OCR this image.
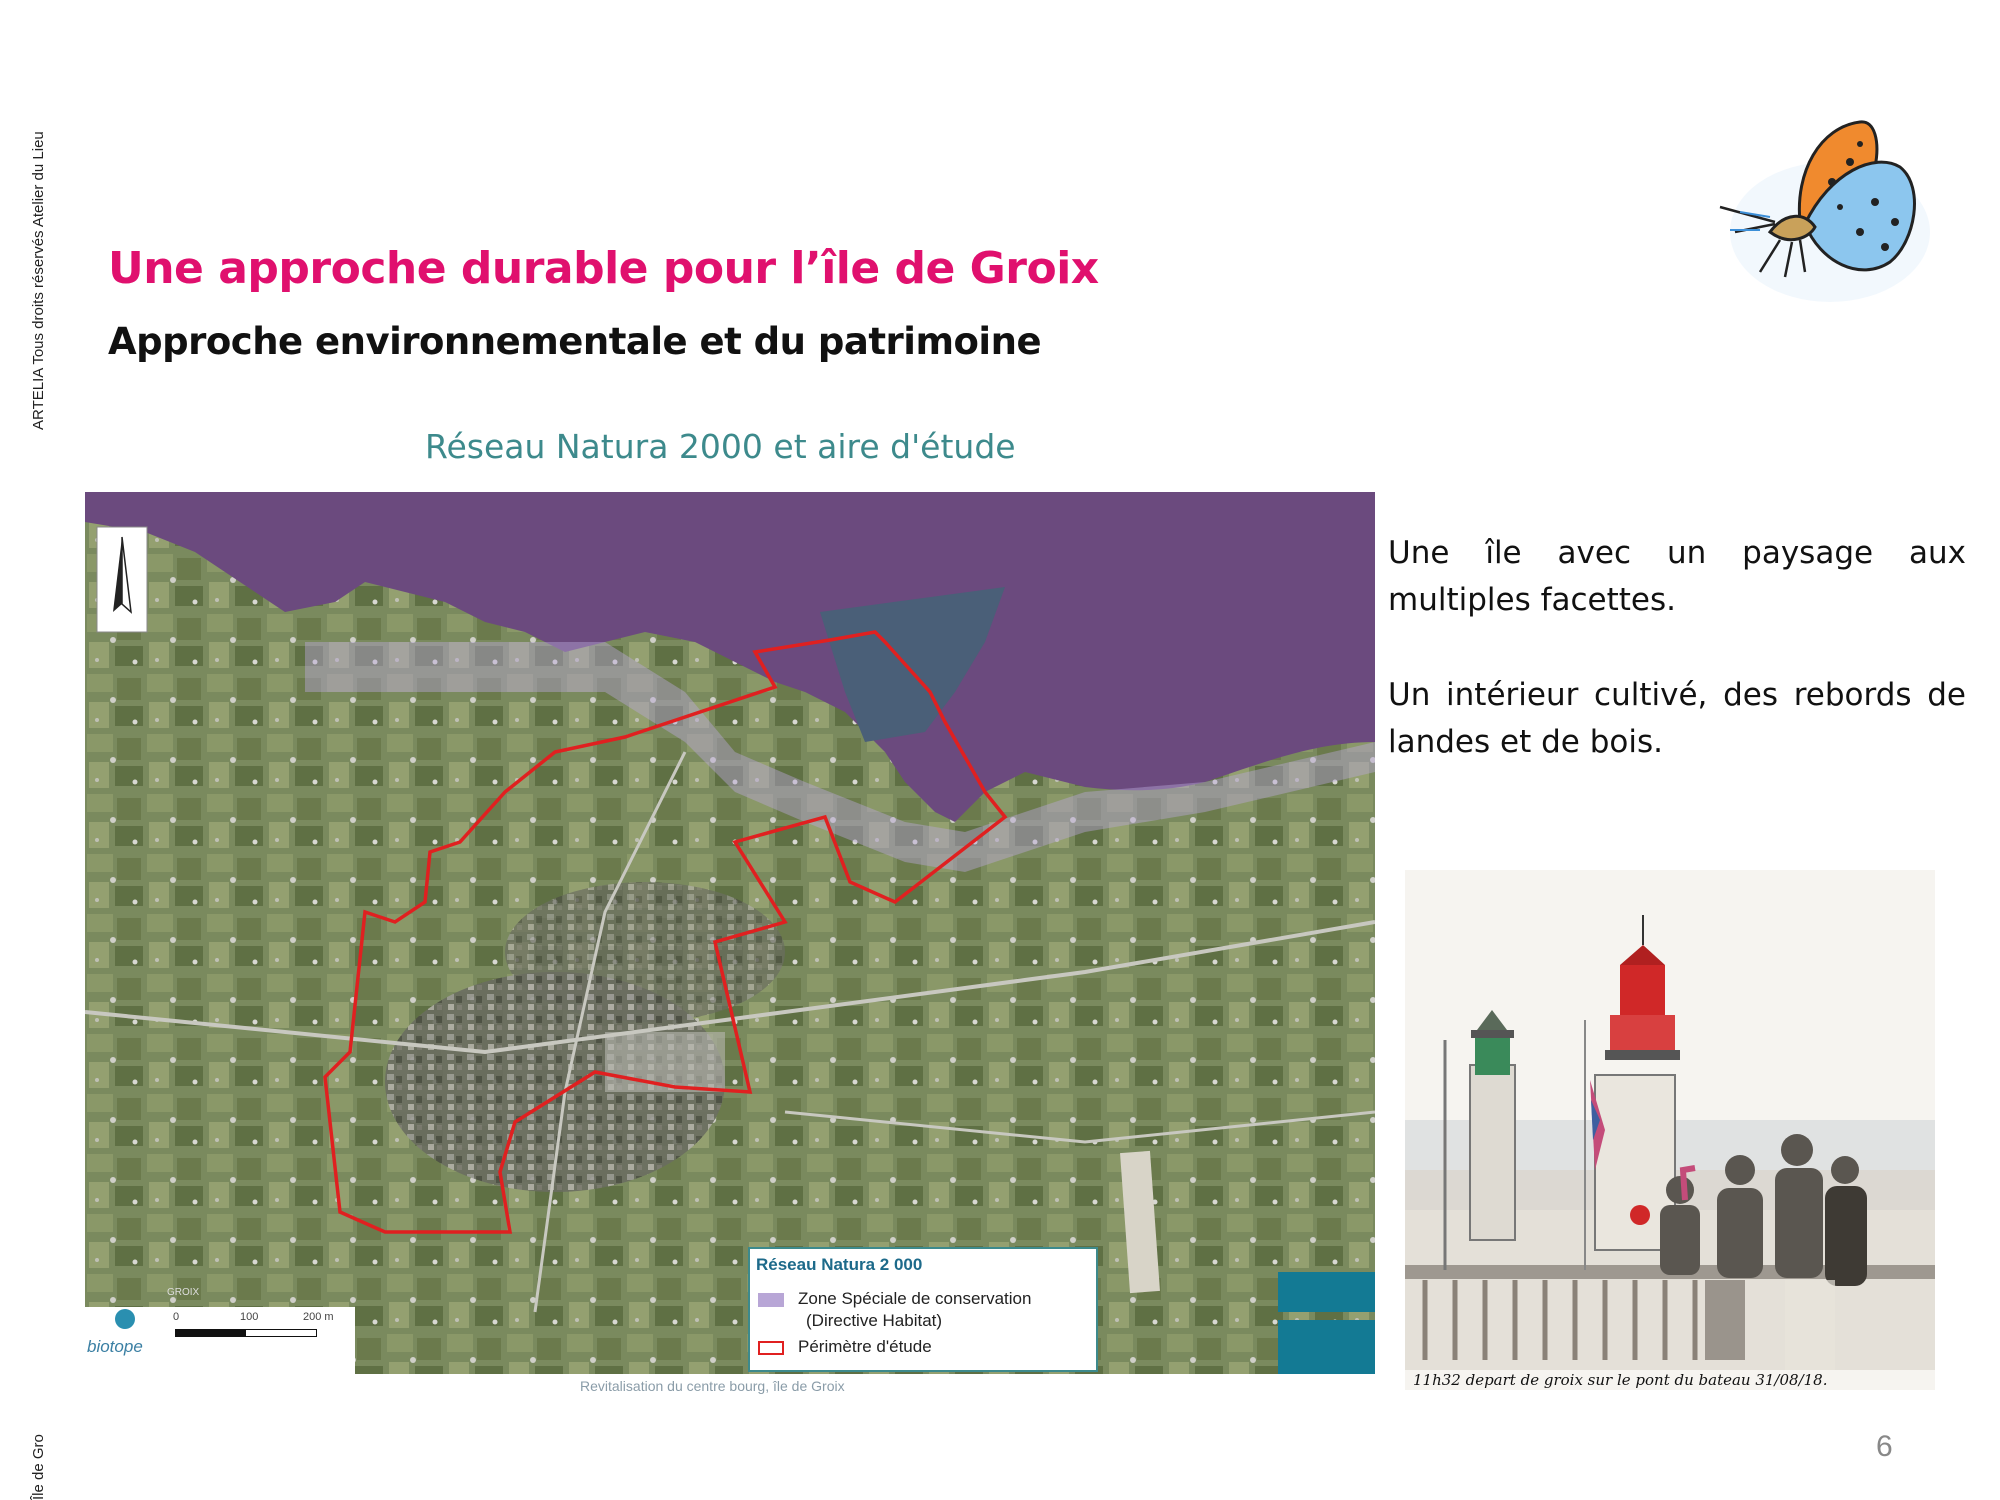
ARTELIA Tous droits réservés Atelier du Lieu
Île de Gro
Une approche durable pour l’île de Groix
Approche environnementale et du patrimoine
Réseau Natura 2000 et aire d'étude
biotope
0	100	200 m
GROIX
Réseau Natura 2 000
Zone Spéciale de conservation
(Directive Habitat)
Périmètre d'étude
Revitalisation du centre bourg, île de Groix
Une île avec un paysage aux multiples facettes.
Un intérieur cultivé, des rebords de landes et de bois.
11h32 depart de groix sur le pont du bateau 31/08/18.
6
